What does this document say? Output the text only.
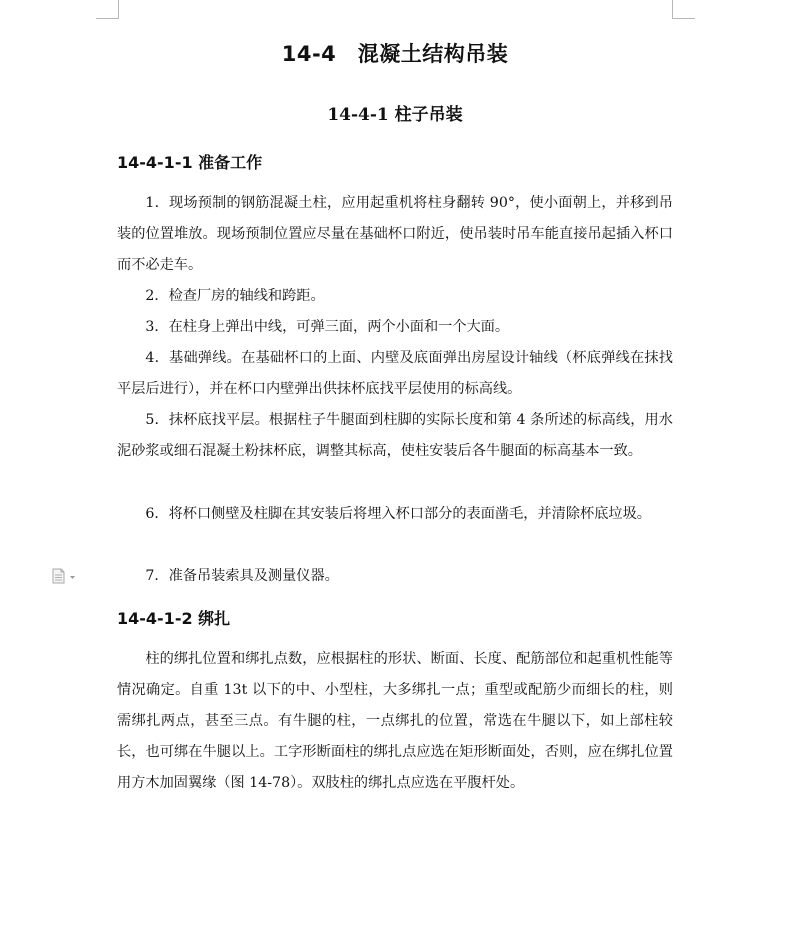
14-4　混凝土结构吊装
14-4-1 柱子吊装
14-4-1-1 准备工作

1．现场预制的钢筋混凝土柱，应用起重机将柱身翻转 90°，使小面朝上，并移到吊装的位置堆放。现场预制位置应尽量在基础杯口附近，使吊装时吊车能直接吊起插入杯口而不必走车。

2．检查厂房的轴线和跨距。

3．在柱身上弹出中线，可弹三面，两个小面和一个大面。

4．基础弹线。在基础杯口的上面、内壁及底面弹出房屋设计轴线（杯底弹线在抹找平层后进行），并在杯口内壁弹出供抹杯底找平层使用的标高线。

5．抹杯底找平层。根据柱子牛腿面到柱脚的实际长度和第 4 条所述的标高线，用水泥砂浆或细石混凝土粉抹杯底，调整其标高，使柱安装后各牛腿面的标高基本一致。

6．将杯口侧壁及柱脚在其安装后将埋入杯口部分的表面凿毛，并清除杯底垃圾。

7．准备吊装索具及测量仪器。

14-4-1-2 绑扎

柱的绑扎位置和绑扎点数，应根据柱的形状、断面、长度、配筋部位和起重机性能等情况确定。自重 13t 以下的中、小型柱，大多绑扎一点；重型或配筋少而细长的柱，则需绑扎两点，甚至三点。有牛腿的柱，一点绑扎的位置，常选在牛腿以下，如上部柱较长，也可绑在牛腿以上。工字形断面柱的绑扎点应选在矩形断面处，否则，应在绑扎位置用方木加固翼缘（图 14-78）。双肢柱的绑扎点应选在平腹杆处。
